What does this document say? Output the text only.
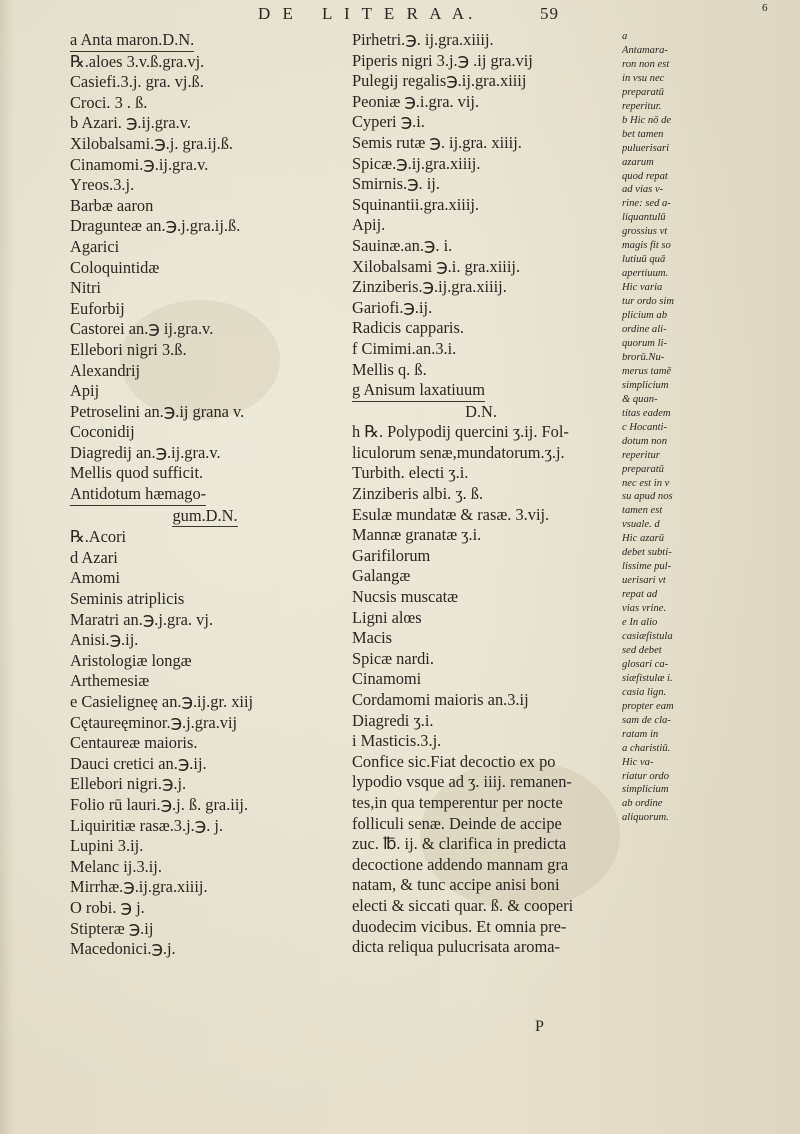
D E L I T E R A A.	59	6
a Anta maron.D.N.
℞.aloes 3.v.ß.gra.vj.
Casiefi.3.j. gra. vj.ß.
Croci. 3 . ß.
b Azari. ℈.ij.gra.v.
Xilobalsami.℈.j. gra.ij.ß.
Cinamomi.℈.ij.gra.v.
Yreos.3.j.
Barbæ aaron
Dragunteæ an.℈.j.gra.ij.ß.
Agarici
Coloquintidæ
Nitri
Euforbij
Castorei an.℈ ij.gra.v.
Ellebori nigri 3.ß.
Alexandrij
Apij
Petroselini an.℈.ij grana v.
Coconidij
Diagredij an.℈.ij.gra.v.
Mellis quod sufficit.
Antidotum hæmago-
gum.D.N.
℞.Acori
d Azari
Amomi
Seminis atriplicis
Maratri an.℈.j.gra. vj.
Anisi.℈.ij.
Aristologiæ longæ
Arthemesiæ
e Casieligneę an.℈.ij.gr. xiij
Cętaureęminor.℈.j.gra.vij
Centaureæ maioris.
Dauci cretici an.℈.ij.
Ellebori nigri.℈.j.
Folio rū lauri.℈.j. ß. gra.iij.
Liquiritiæ rasæ.3.j.℈. j.
Lupini 3.ij.
Melanc ij.3.ij.
Mirrhæ.℈.ij.gra.xiiij.
O robi. ℈ j.
Stipteræ ℈.ij
Macedonici.℈.j.
Pirhetri.℈. ij.gra.xiiij.
Piperis nigri 3.j.℈ .ij gra.vij
Pulegij regalis℈.ij.gra.xiiij
Peoniæ ℈.i.gra. vij.
Cyperi ℈.i.
Semis rutæ ℈. ij.gra. xiiij.
Spicæ.℈.ij.gra.xiiij.
Smirnis.℈. ij.
Squinantii.gra.xiiij.
Apij.
Sauinæ.an.℈. i.
Xilobalsami ℈.i. gra.xiiij.
Zinziberis.℈.ij.gra.xiiij.
Gariofi.℈.ij.
Radicis capparis.
f Cimimi.an.3.i.
Mellis q. ß.
g Anisum laxatiuum
D.N.
h ℞. Polypodij quercini ʒ.ij. Fol-
liculorum senæ,mundatorum.ʒ.j.
Turbith. electi ʒ.i.
Zinziberis albi. ʒ. ß.
Esulæ mundatæ & rasæ. 3.vij.
Mannæ granatæ ʒ.i.
Garifilorum
Galangæ
Nucsis muscatæ
Ligni alœs
Macis
Spicæ nardi.
Cinamomi
Cordamomi maioris an.3.ij
Diagredi ʒ.i.
i Masticis.3.j.
Confice sic.Fiat decoctio ex po
lypodio vsque ad ʒ. iiij. remanen-
tes,in qua temperentur per nocte
folliculi senæ. Deinde de accipe
zuc. ℔. ij. & clarifica in predicta
decoctione addendo mannam gra
natam, & tunc accipe anisi boni
electi & siccati quar. ß. & cooperi
duodecim vicibus. Et omnia pre-
dicta reliqua pulucrisata aroma-
a
Antamara-
ron non est
in vsu nec
preparatū
reperitur.
b Hic nō de
bet tamen
puluerisari
azarum
quod repat
ad vias v-
rine: sed a-
liquantulū
grossius vt
magis fit so
lutiuū quā
apertiuum.
Hic varia
tur ordo sim
plicium ab
ordine ali-
quorum li-
brorū.Nu-
merus tamē
simplicium
& quan-
titas eadem
c Hocanti-
dotum non
reperitur
preparatū
nec est in v
su apud nos
tamen est
vsuale. d
Hic azarū
debet subti-
lissime pul-
uerisari vt
repat ad
vias vrine.
e In alio
casiæfistula
sed debet
glosari ca-
siæfistulæ i.
casia lign.
propter eam
sam de cla-
ratam in
a charistiū.
Hic va-
riatur ordo
simplicium
ab ordine
aliquorum.
P
